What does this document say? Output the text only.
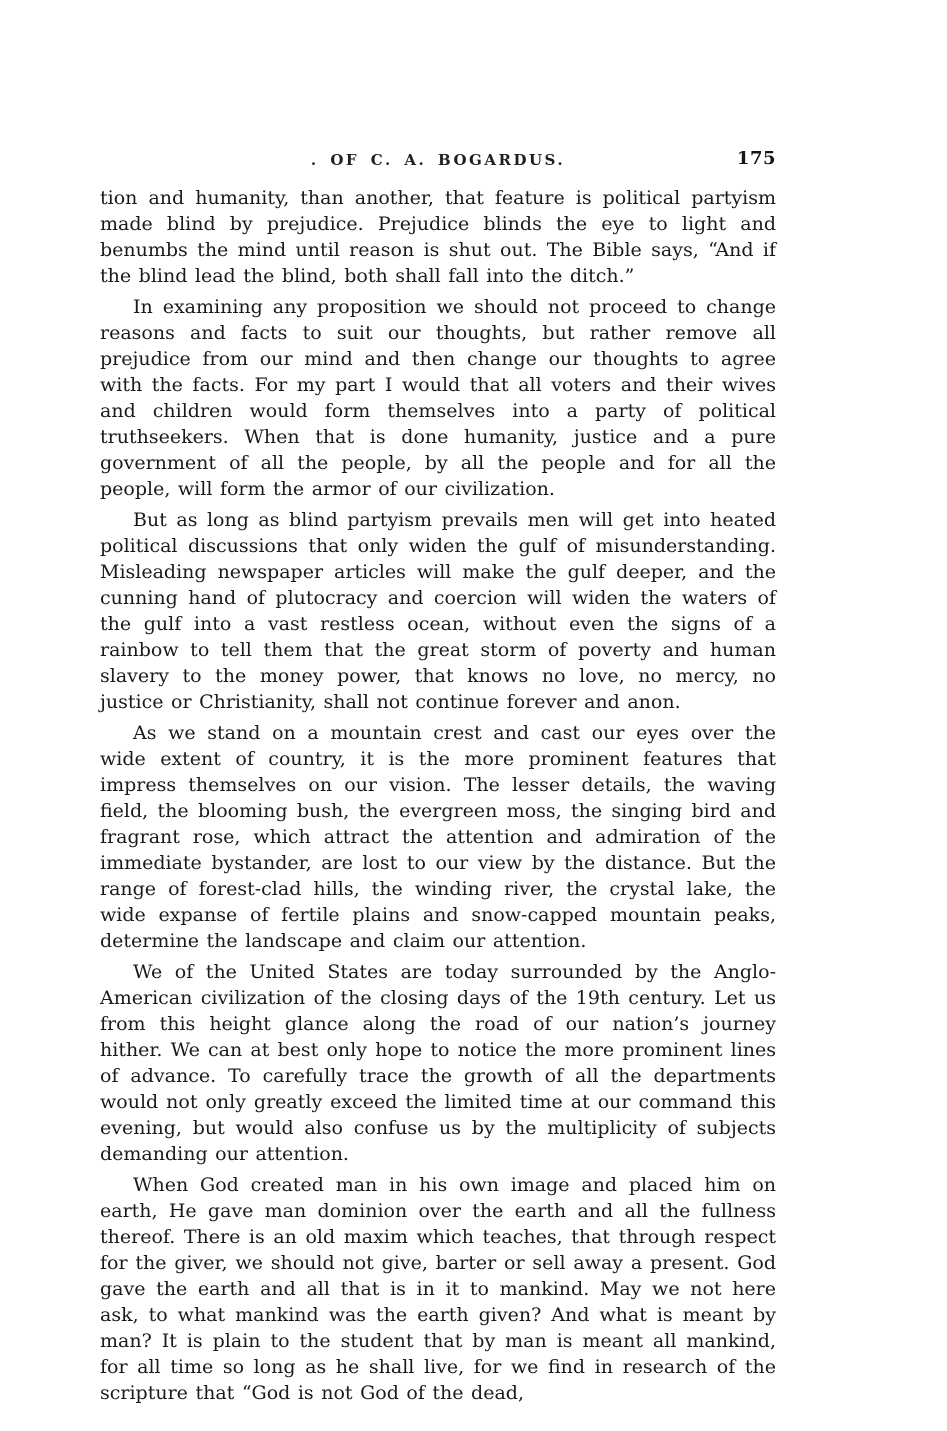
. OF C. A. BOGARDUS.	175

tion and humanity, than another, that feature is political partyism made blind by prejudice. Prejudice blinds the eye to light and benumbs the mind until reason is shut out. The Bible says, “And if the blind lead the blind, both shall fall into the ditch.”

In examining any proposition we should not proceed to change reasons and facts to suit our thoughts, but rather remove all prejudice from our mind and then change our thoughts to agree with the facts. For my part I would that all voters and their wives and children would form themselves into a party of political truthseekers. When that is done humanity, justice and a pure government of all the people, by all the people and for all the people, will form the armor of our civilization.

But as long as blind partyism prevails men will get into heated political discussions that only widen the gulf of misunderstanding. Misleading newspaper articles will make the gulf deeper, and the cunning hand of plutocracy and coercion will widen the waters of the gulf into a vast restless ocean, without even the signs of a rainbow to tell them that the great storm of poverty and human slavery to the money power, that knows no love, no mercy, no justice or Christianity, shall not continue forever and anon.

As we stand on a mountain crest and cast our eyes over the wide extent of country, it is the more prominent features that impress themselves on our vision. The lesser details, the waving field, the blooming bush, the evergreen moss, the singing bird and fragrant rose, which attract the attention and admiration of the immediate bystander, are lost to our view by the distance. But the range of forest-clad hills, the winding river, the crystal lake, the wide expanse of fertile plains and snow-capped mountain peaks, determine the landscape and claim our attention.

We of the United States are today surrounded by the Anglo-American civilization of the closing days of the 19th century. Let us from this height glance along the road of our nation’s journey hither. We can at best only hope to notice the more prominent lines of advance. To carefully trace the growth of all the departments would not only greatly exceed the limited time at our command this evening, but would also confuse us by the multiplicity of subjects demanding our attention.

When God created man in his own image and placed him on earth, He gave man dominion over the earth and all the fullness thereof. There is an old maxim which teaches, that through respect for the giver, we should not give, barter or sell away a present. God gave the earth and all that is in it to mankind. May we not here ask, to what mankind was the earth given? And what is meant by man? It is plain to the student that by man is meant all mankind, for all time so long as he shall live, for we find in research of the scripture that “God is not God of the dead,
